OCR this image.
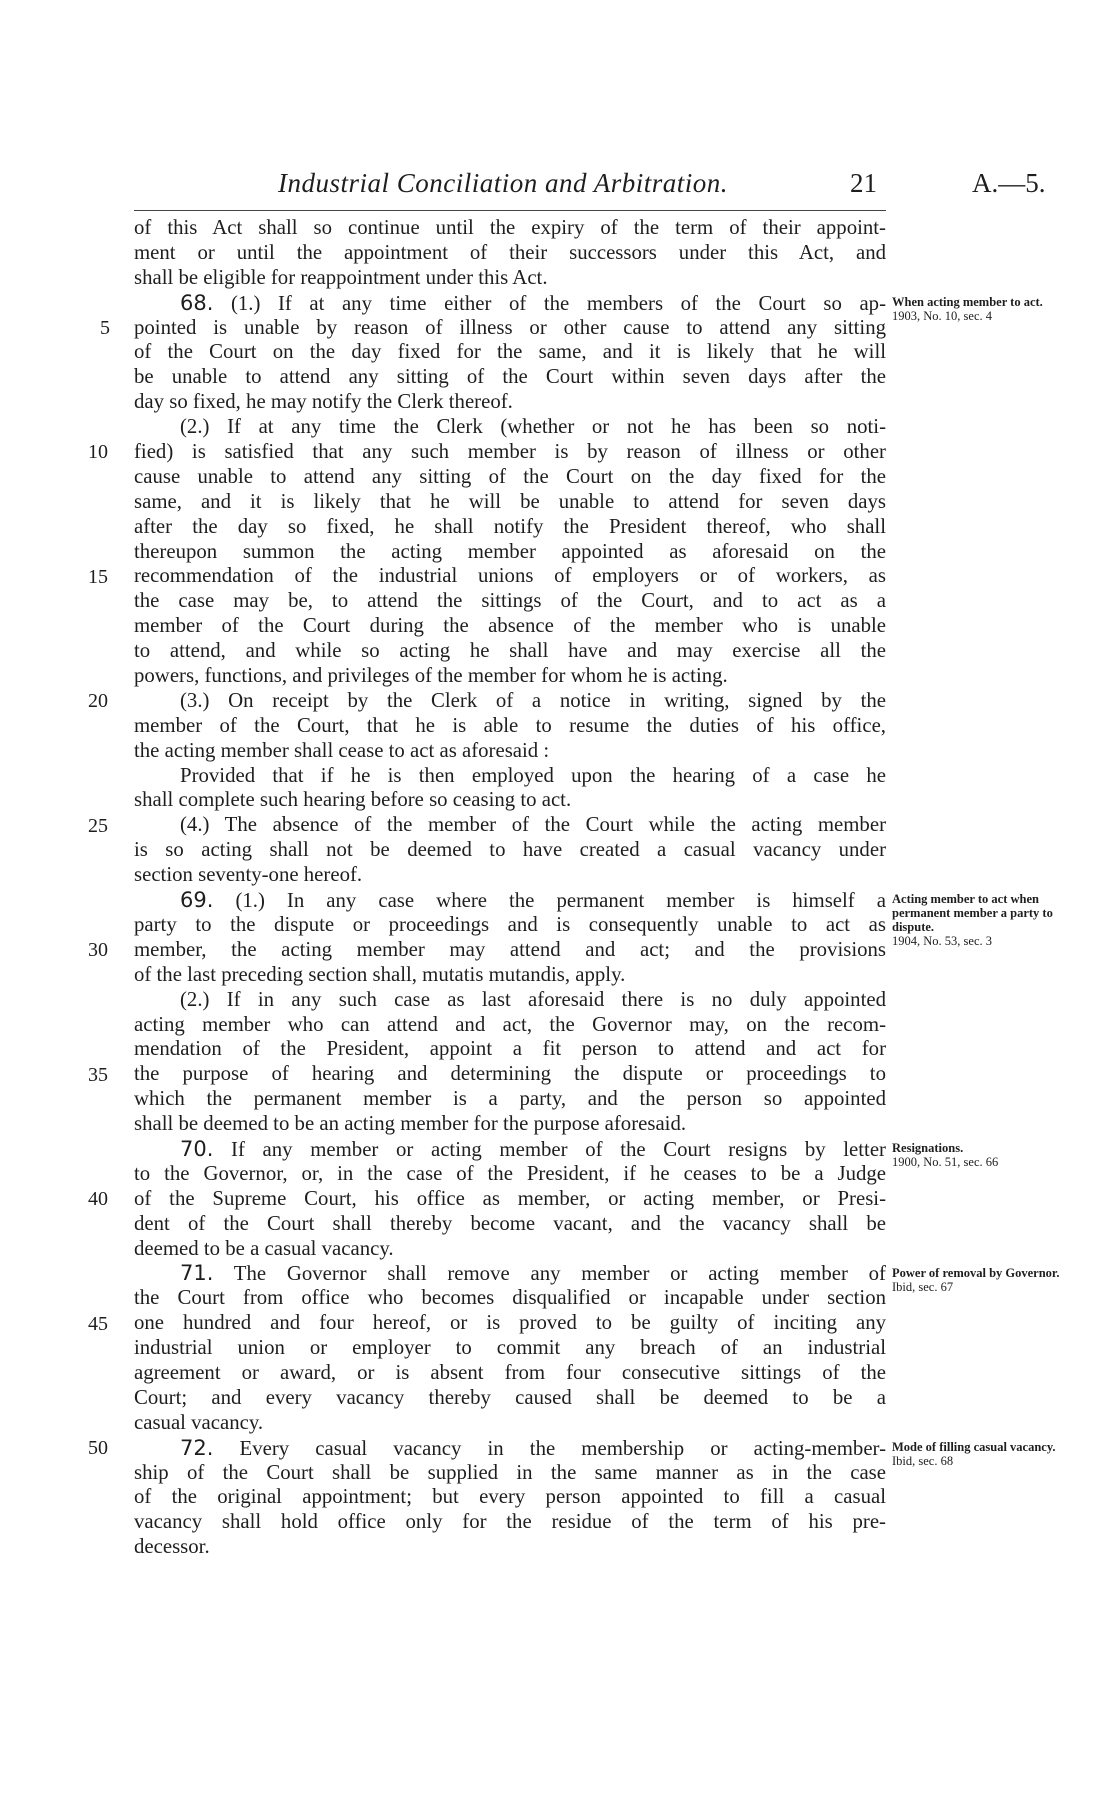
Industrial Conciliation and Arbitration.	21	A.—5.
5
10
15
20
25
30
35
40
45
50
of this Act shall so continue until the expiry of the term of their appoint-
ment or until the appointment of their successors under this Act, and
shall be eligible for reappointment under this Act.
68. (1.) If at any time either of the members of the Court so ap-
pointed is unable by reason of illness or other cause to attend any sitting
of the Court on the day fixed for the same, and it is likely that he will
be unable to attend any sitting of the Court within seven days after the
day so fixed, he may notify the Clerk thereof.
(2.) If at any time the Clerk (whether or not he has been so noti-
fied) is satisfied that any such member is by reason of illness or other
cause unable to attend any sitting of the Court on the day fixed for the
same, and it is likely that he will be unable to attend for seven days
after the day so fixed, he shall notify the President thereof, who shall
thereupon summon the acting member appointed as aforesaid on the
recommendation of the industrial unions of employers or of workers, as
the case may be, to attend the sittings of the Court, and to act as a
member of the Court during the absence of the member who is unable
to attend, and while so acting he shall have and may exercise all the
powers, functions, and privileges of the member for whom he is acting.
(3.) On receipt by the Clerk of a notice in writing, signed by the
member of the Court, that he is able to resume the duties of his office,
the acting member shall cease to act as aforesaid :
Provided that if he is then employed upon the hearing of a case he
shall complete such hearing before so ceasing to act.
(4.) The absence of the member of the Court while the acting member
is so acting shall not be deemed to have created a casual vacancy under
section seventy-one hereof.
69. (1.) In any case where the permanent member is himself a
party to the dispute or proceedings and is consequently unable to act as
member, the acting member may attend and act; and the provisions
of the last preceding section shall, mutatis mutandis, apply.
(2.) If in any such case as last aforesaid there is no duly appointed
acting member who can attend and act, the Governor may, on the recom-
mendation of the President, appoint a fit person to attend and act for
the purpose of hearing and determining the dispute or proceedings to
which the permanent member is a party, and the person so appointed
shall be deemed to be an acting member for the purpose aforesaid.
70. If any member or acting member of the Court resigns by letter
to the Governor, or, in the case of the President, if he ceases to be a Judge
of the Supreme Court, his office as member, or acting member, or Presi-
dent of the Court shall thereby become vacant, and the vacancy shall be
deemed to be a casual vacancy.
71. The Governor shall remove any member or acting member of
the Court from office who becomes disqualified or incapable under section
one hundred and four hereof, or is proved to be guilty of inciting any
industrial union or employer to commit any breach of an industrial
agreement or award, or is absent from four consecutive sittings of the
Court; and every vacancy thereby caused shall be deemed to be a
casual vacancy.
72. Every casual vacancy in the membership or acting-member-
ship of the Court shall be supplied in the same manner as in the case
of the original appointment; but every person appointed to fill a casual
vacancy shall hold office only for the residue of the term of his pre-
decessor.
When acting member to act.
1903, No. 10, sec. 4
Acting member to act when permanent member a party to dispute.
1904, No. 53, sec. 3
Resignations.
1900, No. 51, sec. 66
Power of removal by Governor.
Ibid, sec. 67
Mode of filling casual vacancy.
Ibid, sec. 68
